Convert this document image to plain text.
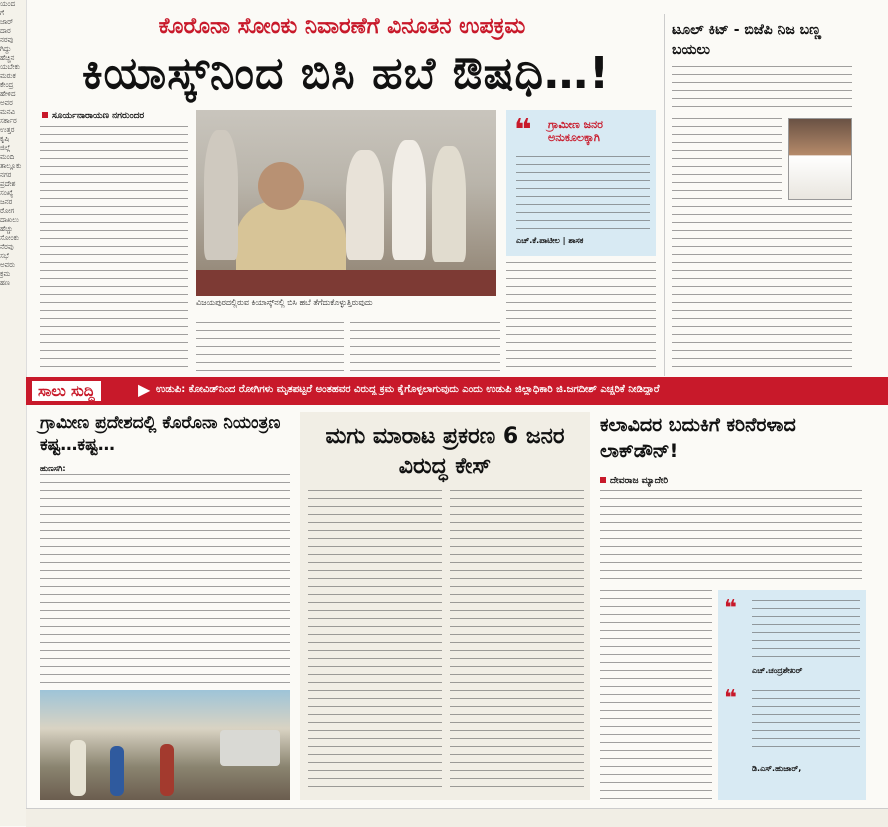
ಯಂದ
ಗೆ
ಜಾರ್
ದಾರ
ನರವು
ಗಿದ್ದು
ಹೆಚ್ಚಿನ
ಯಬೇಕು
ಮರುಕ
ಕೇಂದ್ರ
ಹೇಳಿದ
ಅವರ
ಮನವಿ
ಸರ್ಕಾರ
ಉತ್ತರ
ಕೃಷಿ
ಜಿಲ್ಲೆ
ಮಂದಿ
ತಾಲ್ಲೂಕು
ನಗರ
ಪ್ರದೇಶ
ಸಂಖ್ಯೆ
ಜನರ
ರೋಗ
ದಾಖಲು
ಹೆಚ್ಚು
ಸೋಂಕು
ನೆರವು
ಸಭೆ
ಅವರು
ಕ್ರಮ
ಹಣ
ಕೊರೊನಾ ಸೋಂಕು ನಿವಾರಣೆಗೆ ವಿನೂತನ ಉಪಕ್ರಮ
ಕಿಯಾಸ್ಕ್‌ನಿಂದ ಬಿಸಿ ಹಬೆ ಔಷಧಿ…!
ಸೂರ್ಯನಾರಾಯಣ ನಗರುಂದರ
ವಿಜಯಪುರದಲ್ಲಿರುವ ಕಿಯಾಸ್ಕ್‌ನಲ್ಲಿ ಬಿಸಿ ಹಬೆ ತೆಗೆದುಕೊಳ್ಳುತ್ತಿರುವುದು
❝ ಗ್ರಾಮೀಣ ಜನರ ಅನುಕೂಲಕ್ಕಾಗಿ
ಎಚ್.ಕೆ.ಪಾಟೀಲ | ಶಾಸಕ
ಟೂಲ್ ಕಿಟ್ - ಬಿಜೆಪಿ ನಿಜ ಬಣ್ಣ ಬಯಲು
ಸಾಲು ಸುದ್ದಿ	▶ ಉಡುಪಿ: ಕೋವಿಡ್‌ನಿಂದ ರೋಗಿಗಳು ಮೃತಪಟ್ಟರೆ ಅಂತಹವರ ವಿರುದ್ಧ ಕ್ರಮ ಕೈಗೊಳ್ಳಲಾಗುವುದು ಎಂದು ಉಡುಪಿ ಜಿಲ್ಲಾಧಿಕಾರಿ ಜಿ.ಜಗದೀಶ್ ಎಚ್ಚರಿಕೆ ನೀಡಿದ್ದಾರೆ
ಗ್ರಾಮೀಣ ಪ್ರದೇಶದಲ್ಲಿ ಕೊರೊನಾ ನಿಯಂತ್ರಣ ಕಷ್ಟ…ಕಷ್ಟ…
ಹುಣಸಗಿ:
ಮಗು ಮಾರಾಟ ಪ್ರಕರಣ 6 ಜನರ ವಿರುದ್ಧ ಕೇಸ್
ಕಲಾವಿದರ ಬದುಕಿಗೆ ಕರಿನೆರಳಾದ ಲಾಕ್‌ಡೌನ್!
ದೇವರಾಜ ಮ್ಯಾದೇರಿ
❝
ಎಚ್.ಚಂದ್ರಶೇಖರ್
❝
ಡಿ.ಎಸ್.ಹುಜಾರ್,
